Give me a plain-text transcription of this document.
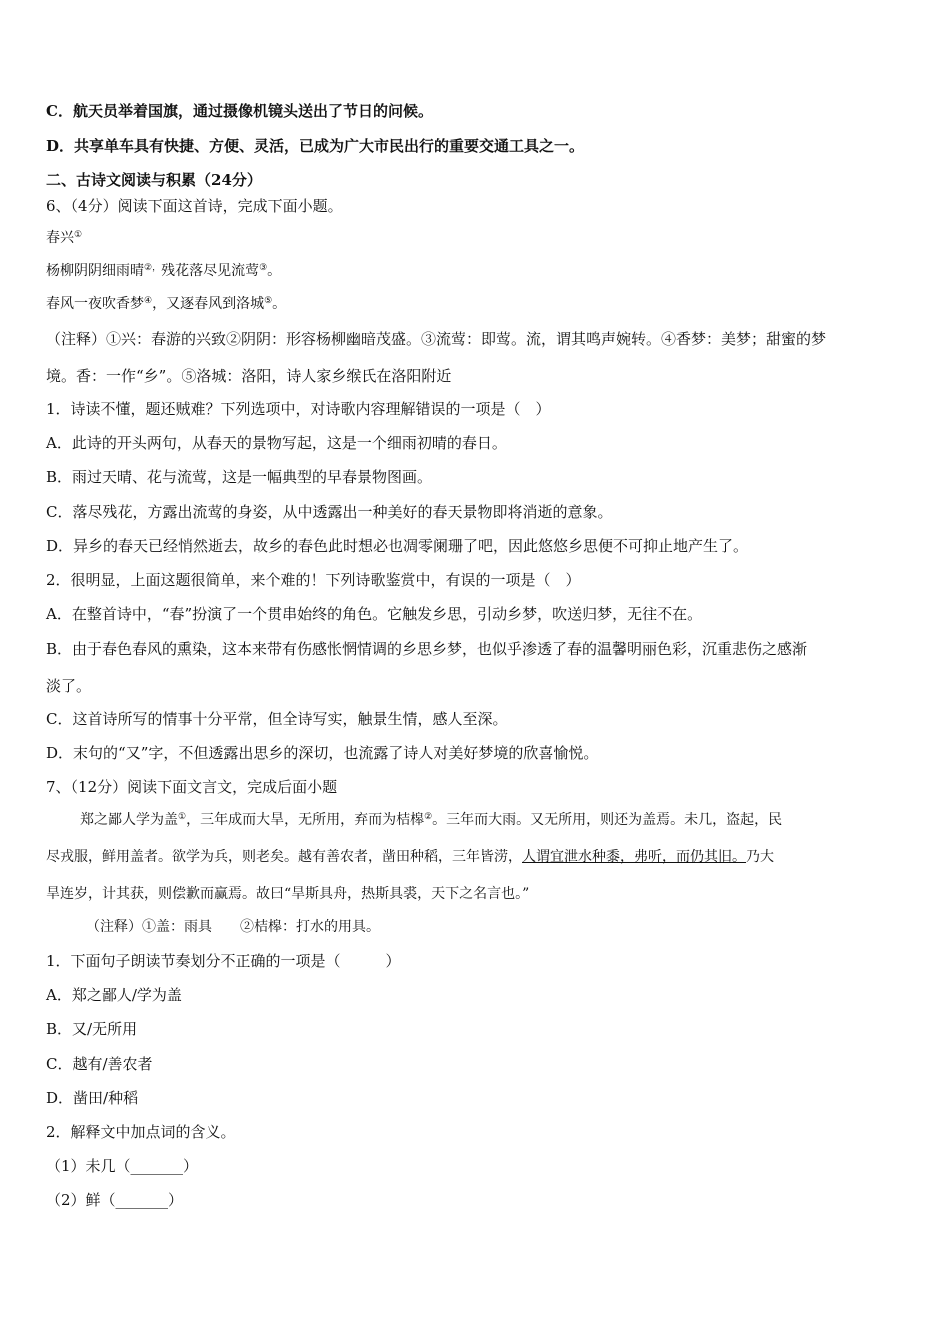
C．航天员举着国旗，通过摄像机镜头送出了节日的问候。
D．共享单车具有快捷、方便、灵活，已成为广大市民出行的重要交通工具之一。
二、古诗文阅读与积累（24分）
6、（4分）阅读下面这首诗，完成下面小题。
春兴①
杨柳阴阴细雨晴②，残花落尽见流莺③。
春风一夜吹香梦④，又逐春风到洛城⑤。
（注释）①兴：春游的兴致②阴阴：形容杨柳幽暗茂盛。③流莺：即莺。流，谓其鸣声婉转。④香梦：美梦；甜蜜的梦
境。香：一作“乡”。⑤洛城：洛阳，诗人家乡缑氏在洛阳附近
1．诗读不懂，题还贼难？下列选项中，对诗歌内容理解错误的一项是（　）
A．此诗的开头两句，从春天的景物写起，这是一个细雨初晴的春日。
B．雨过天晴、花与流莺，这是一幅典型的早春景物图画。
C．落尽残花，方露出流莺的身姿，从中透露出一种美好的春天景物即将消逝的意象。
D．异乡的春天已经悄然逝去，故乡的春色此时想必也凋零阑珊了吧，因此悠悠乡思便不可抑止地产生了。
2．很明显，上面这题很简单，来个难的！下列诗歌鉴赏中，有误的一项是（　）
A．在整首诗中，“春”扮演了一个贯串始终的角色。它触发乡思，引动乡梦，吹送归梦，无往不在。
B．由于春色春风的熏染，这本来带有伤感怅惘情调的乡思乡梦，也似乎渗透了春的温馨明丽色彩，沉重悲伤之感渐
淡了。
C．这首诗所写的情事十分平常，但全诗写实，触景生情，感人至深。
D．末句的“又”字，不但透露出思乡的深切，也流露了诗人对美好梦境的欣喜愉悦。
7、（12分）阅读下面文言文，完成后面小题
郑之鄙人学为盖①，三年成而大旱，无所用，弃而为桔槔②。三年而大雨。又无所用，则还为盖焉。未几，盗起，民
尽戎服，鲜用盖者。欲学为兵，则老矣。越有善农者，凿田种稻，三年皆涝，人谓宜泄水种黍，弗听，而仍其旧。乃大
旱连岁，计其获，则偿歉而赢焉。故曰“旱斯具舟，热斯具裘，天下之名言也。”
（注释）①盖：雨具　　②桔槔：打水的用具。
1．下面句子朗读节奏划分不正确的一项是（　　　）
A．郑之鄙人/学为盖
B．又/无所用
C．越有/善农者
D．凿田/种稻
2．解释文中加点词的含义。
（1）未几（_______）
（2）鲜（_______）
